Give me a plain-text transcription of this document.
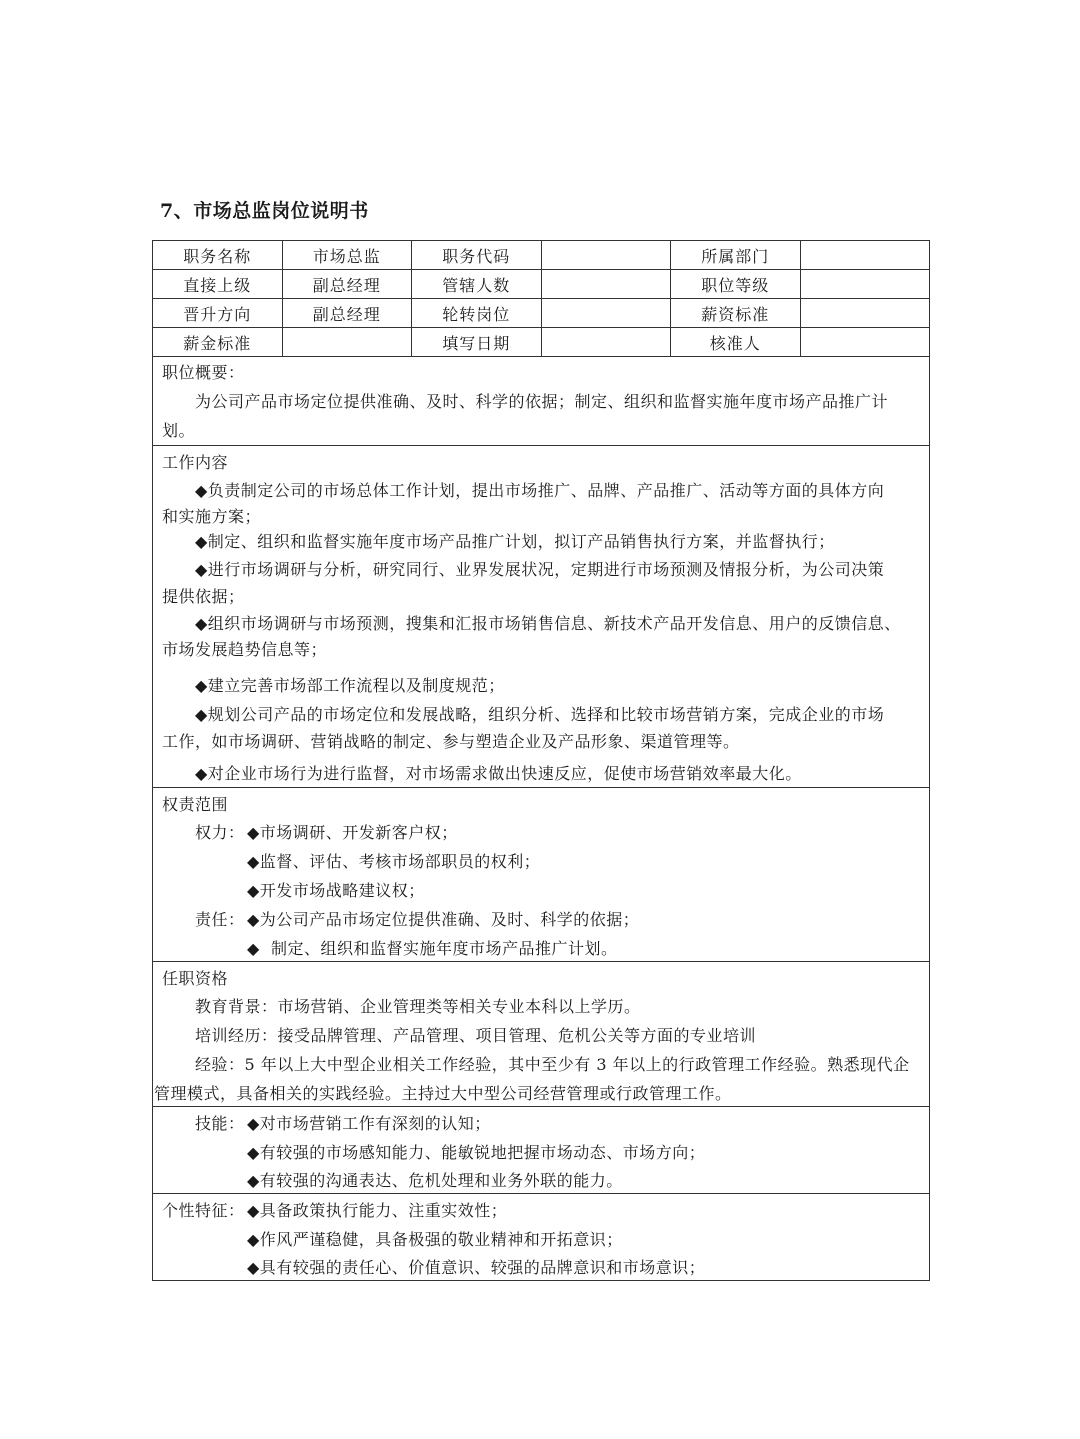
7、市场总监岗位说明书
职务名称	市场总监	职务代码		所属部门	
直接上级	副总经理	管辖人数		职位等级	
晋升方向	副总经理	轮转岗位		薪资标准	
薪金标准		填写日期		核准人	
职位概要：
为公司产品市场定位提供准确、及时、科学的依据；制定、组织和监督实施年度市场产品推广计
划。
工作内容
◆负责制定公司的市场总体工作计划，提出市场推广、品牌、产品推广、活动等方面的具体方向
和实施方案；
◆制定、组织和监督实施年度市场产品推广计划，拟订产品销售执行方案，并监督执行；
◆进行市场调研与分析，研究同行、业界发展状况，定期进行市场预测及情报分析，为公司决策
提供依据；
◆组织市场调研与市场预测，搜集和汇报市场销售信息、新技术产品开发信息、用户的反馈信息、
市场发展趋势信息等；
◆建立完善市场部工作流程以及制度规范；
◆规划公司产品的市场定位和发展战略，组织分析、选择和比较市场营销方案，完成企业的市场
工作，如市场调研、营销战略的制定、参与塑造企业及产品形象、渠道管理等。
◆对企业市场行为进行监督，对市场需求做出快速反应，促使市场营销效率最大化。
权责范围
权力： ◆市场调研、开发新客户权；
◆监督、评估、考核市场部职员的权利；
◆开发市场战略建议权；
责任： ◆为公司产品市场定位提供准确、及时、科学的依据；
◆  制定、组织和监督实施年度市场产品推广计划。
任职资格
教育背景：市场营销、企业管理类等相关专业本科以上学历。
培训经历：接受品牌管理、产品管理、项目管理、危机公关等方面的专业培训
经验：5 年以上大中型企业相关工作经验，其中至少有 3 年以上的行政管理工作经验。熟悉现代企
管理模式，具备相关的实践经验。主持过大中型公司经营管理或行政管理工作。
技能： ◆对市场营销工作有深刻的认知；
◆有较强的市场感知能力、能敏锐地把握市场动态、市场方向；
◆有较强的沟通表达、危机处理和业务外联的能力。
个性特征： ◆具备政策执行能力、注重实效性；
◆作风严谨稳健，具备极强的敬业精神和开拓意识；
◆具有较强的责任心、价值意识、较强的品牌意识和市场意识；
